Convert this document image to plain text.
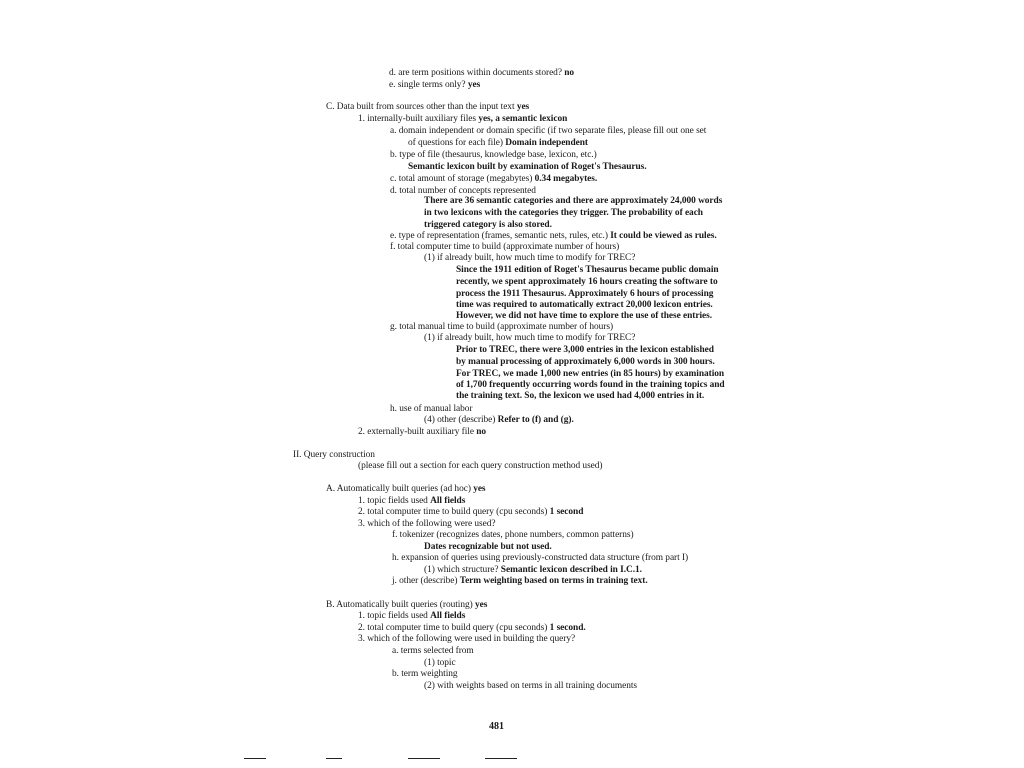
d. are term positions within documents stored? no
e. single terms only? yes
C. Data built from sources other than the input text yes
1. internally-built auxiliary files yes, a semantic lexicon
a. domain independent or domain specific (if two separate files, please fill out one set
of questions for each file) Domain independent
b. type of file (thesaurus, knowledge base, lexicon, etc.)
Semantic lexicon built by examination of Roget's Thesaurus.
c. total amount of storage (megabytes) 0.34 megabytes.
d. total number of concepts represented
There are 36 semantic categories and there are approximately 24,000 words
in two lexicons with the categories they trigger. The probability of each
triggered category is also stored.
e. type of representation (frames, semantic nets, rules, etc.) It could be viewed as rules.
f. total computer time to build (approximate number of hours)
(1) if already built, how much time to modify for TREC?
Since the 1911 edition of Roget's Thesaurus became public domain
recently, we spent approximately 16 hours creating the software to
process the 1911 Thesaurus. Approximately 6 hours of processing
time was required to automatically extract 20,000 lexicon entries.
However, we did not have time to explore the use of these entries.
g. total manual time to build (approximate number of hours)
(1) if already built, how much time to modify for TREC?
Prior to TREC, there were 3,000 entries in the lexicon established
by manual processing of approximately 6,000 words in 300 hours.
For TREC, we made 1,000 new entries (in 85 hours) by examination
of 1,700 frequently occurring words found in the training topics and
the training text. So, the lexicon we used had 4,000 entries in it.
h. use of manual labor
(4) other (describe) Refer to (f) and (g).
2. externally-built auxiliary file no
II. Query construction
(please fill out a section for each query construction method used)
A. Automatically built queries (ad hoc) yes
1. topic fields used All fields
2. total computer time to build query (cpu seconds) 1 second
3. which of the following were used?
f. tokenizer (recognizes dates, phone numbers, common patterns)
Dates recognizable but not used.
h. expansion of queries using previously-constructed data structure (from part I)
(1) which structure? Semantic lexicon described in I.C.1.
j. other (describe) Term weighting based on terms in training text.
B. Automatically built queries (routing) yes
1. topic fields used All fields
2. total computer time to build query (cpu seconds) 1 second.
3. which of the following were used in building the query?
a. terms selected from
(1) topic
b. term weighting
(2) with weights based on terms in all training documents
481
